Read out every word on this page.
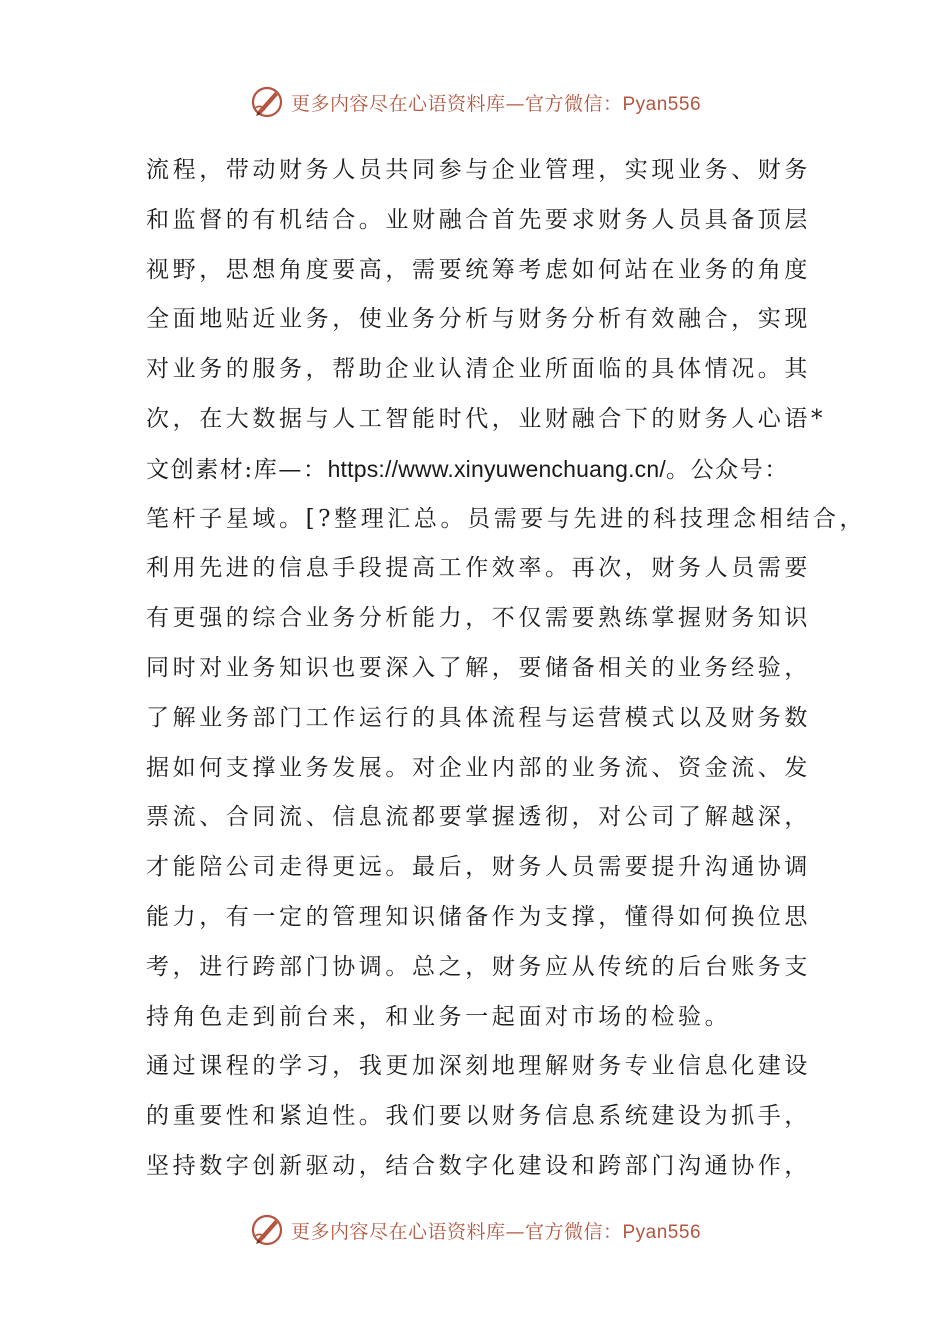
更多内容尽在心语资料库—官方微信：Pyan556
流程，带动财务人员共同参与企业管理，实现业务、财务
和监督的有机结合。业财融合首先要求财务人员具备顶层
视野，思想角度要高，需要统筹考虑如何站在业务的角度
全面地贴近业务，使业务分析与财务分析有效融合，实现
对业务的服务，帮助企业认清企业所面临的具体情况。其
次，在大数据与人工智能时代，业财融合下的财务人心语*
文创素材:库—：https://www.xinyuwenchuang.cn/。公众号：
笔杆子星域。[?整理汇总。员需要与先进的科技理念相结合，
利用先进的信息手段提高工作效率。再次，财务人员需要
有更强的综合业务分析能力，不仅需要熟练掌握财务知识
同时对业务知识也要深入了解，要储备相关的业务经验，
了解业务部门工作运行的具体流程与运营模式以及财务数
据如何支撑业务发展。对企业内部的业务流、资金流、发
票流、合同流、信息流都要掌握透彻，对公司了解越深，
才能陪公司走得更远。最后，财务人员需要提升沟通协调
能力，有一定的管理知识储备作为支撑，懂得如何换位思
考，进行跨部门协调。总之，财务应从传统的后台账务支
持角色走到前台来，和业务一起面对市场的检验。
通过课程的学习，我更加深刻地理解财务专业信息化建设
的重要性和紧迫性。我们要以财务信息系统建设为抓手，
坚持数字创新驱动，结合数字化建设和跨部门沟通协作，
更多内容尽在心语资料库—官方微信：Pyan556
